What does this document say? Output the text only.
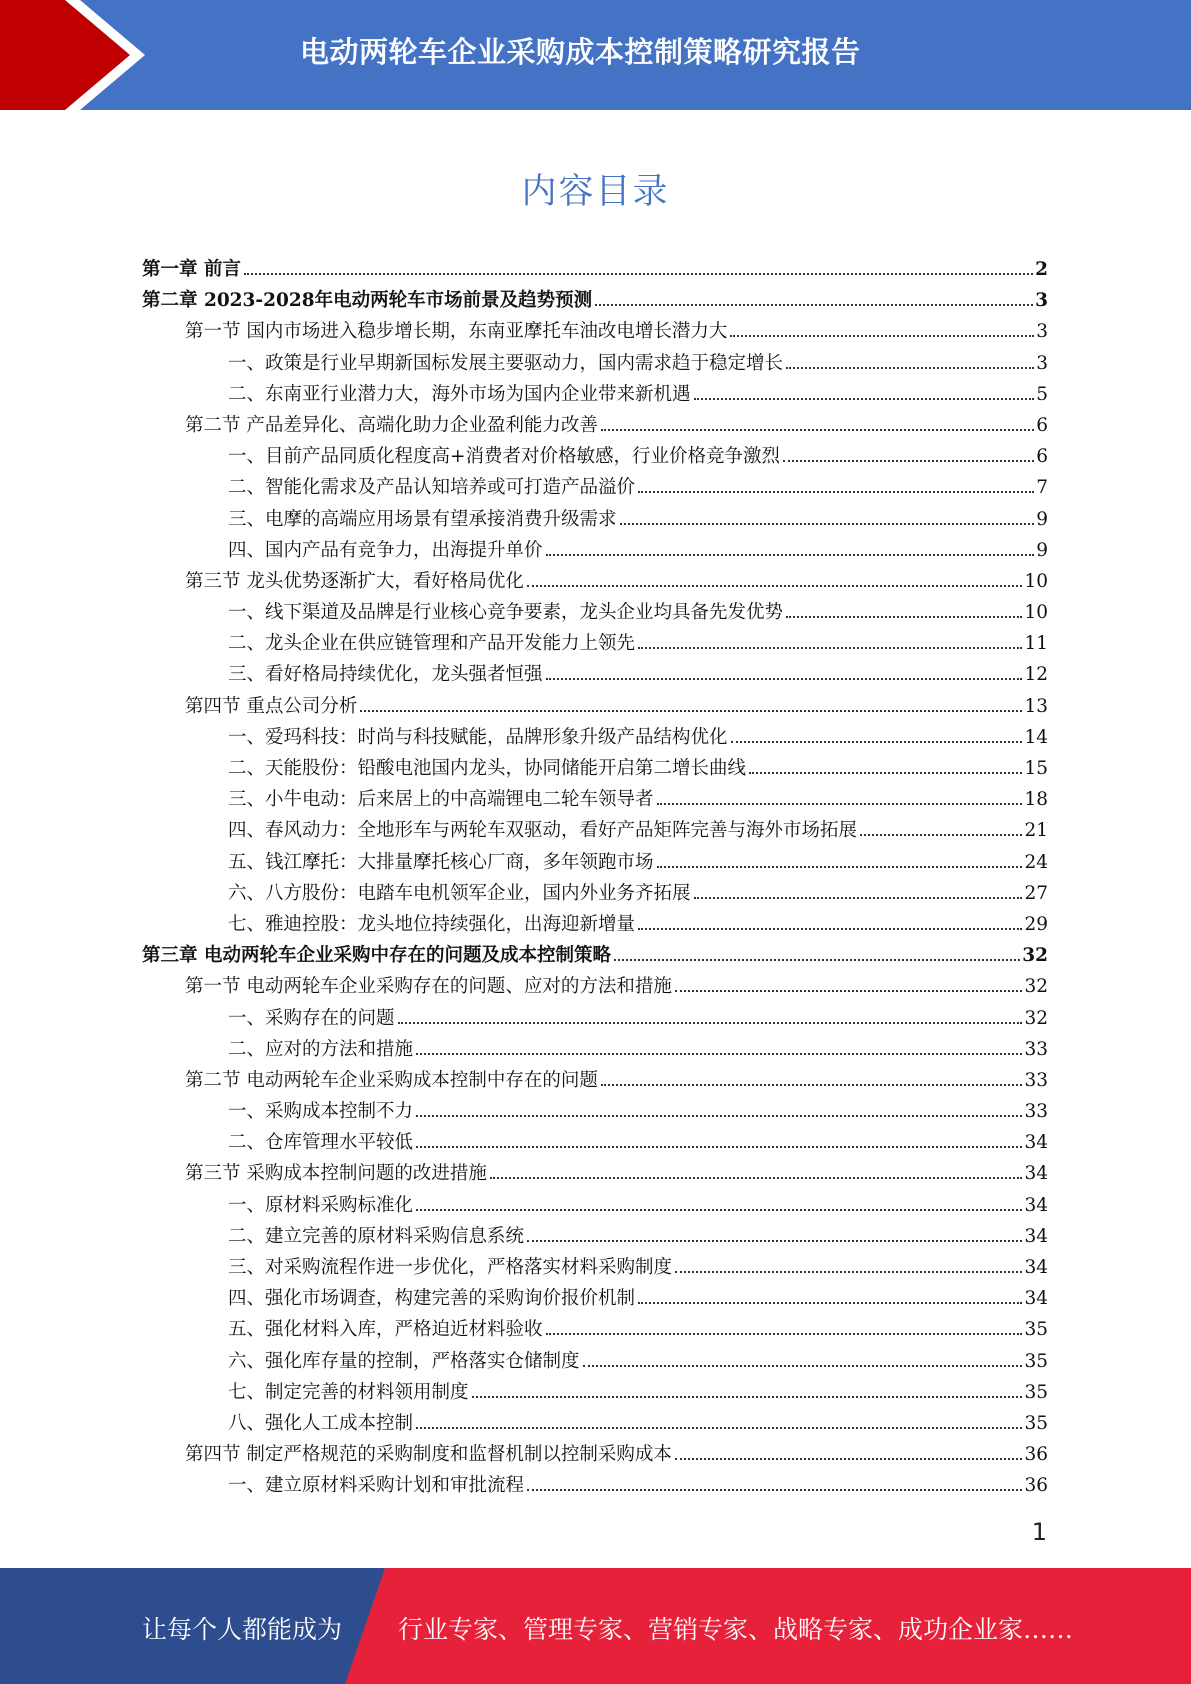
电动两轮车企业采购成本控制策略研究报告
内容目录
第一章 前言	2
第二章 2023-2028年电动两轮车市场前景及趋势预测	3
第一节 国内市场进入稳步增长期，东南亚摩托车油改电增长潜力大	3
一、政策是行业早期新国标发展主要驱动力，国内需求趋于稳定增长	3
二、东南亚行业潜力大，海外市场为国内企业带来新机遇	5
第二节 产品差异化、高端化助力企业盈利能力改善	6
一、目前产品同质化程度高+消费者对价格敏感，行业价格竞争激烈	6
二、智能化需求及产品认知培养或可打造产品溢价	7
三、电摩的高端应用场景有望承接消费升级需求	9
四、国内产品有竞争力，出海提升单价	9
第三节 龙头优势逐渐扩大，看好格局优化	10
一、线下渠道及品牌是行业核心竞争要素，龙头企业均具备先发优势	10
二、龙头企业在供应链管理和产品开发能力上领先	11
三、看好格局持续优化，龙头强者恒强	12
第四节 重点公司分析	13
一、爱玛科技：时尚与科技赋能，品牌形象升级产品结构优化	14
二、天能股份：铅酸电池国内龙头，协同储能开启第二增长曲线	15
三、小牛电动：后来居上的中高端锂电二轮车领导者	18
四、春风动力：全地形车与两轮车双驱动，看好产品矩阵完善与海外市场拓展	21
五、钱江摩托：大排量摩托核心厂商，多年领跑市场	24
六、八方股份：电踏车电机领军企业，国内外业务齐拓展	27
七、雅迪控股：龙头地位持续强化，出海迎新增量	29
第三章 电动两轮车企业采购中存在的问题及成本控制策略	32
第一节 电动两轮车企业采购存在的问题、应对的方法和措施	32
一、采购存在的问题	32
二、应对的方法和措施	33
第二节 电动两轮车企业采购成本控制中存在的问题	33
一、采购成本控制不力	33
二、仓库管理水平较低	34
第三节 采购成本控制问题的改进措施	34
一、原材料采购标准化	34
二、建立完善的原材料采购信息系统	34
三、对采购流程作进一步优化，严格落实材料采购制度	34
四、强化市场调查，构建完善的采购询价报价机制	34
五、强化材料入库，严格迫近材料验收	35
六、强化库存量的控制，严格落实仓储制度	35
七、制定完善的材料领用制度	35
八、强化人工成本控制	35
第四节 制定严格规范的采购制度和监督机制以控制采购成本	36
一、建立原材料采购计划和审批流程	36
1
让每个人都能成为 行业专家、管理专家、营销专家、战略专家、成功企业家……
